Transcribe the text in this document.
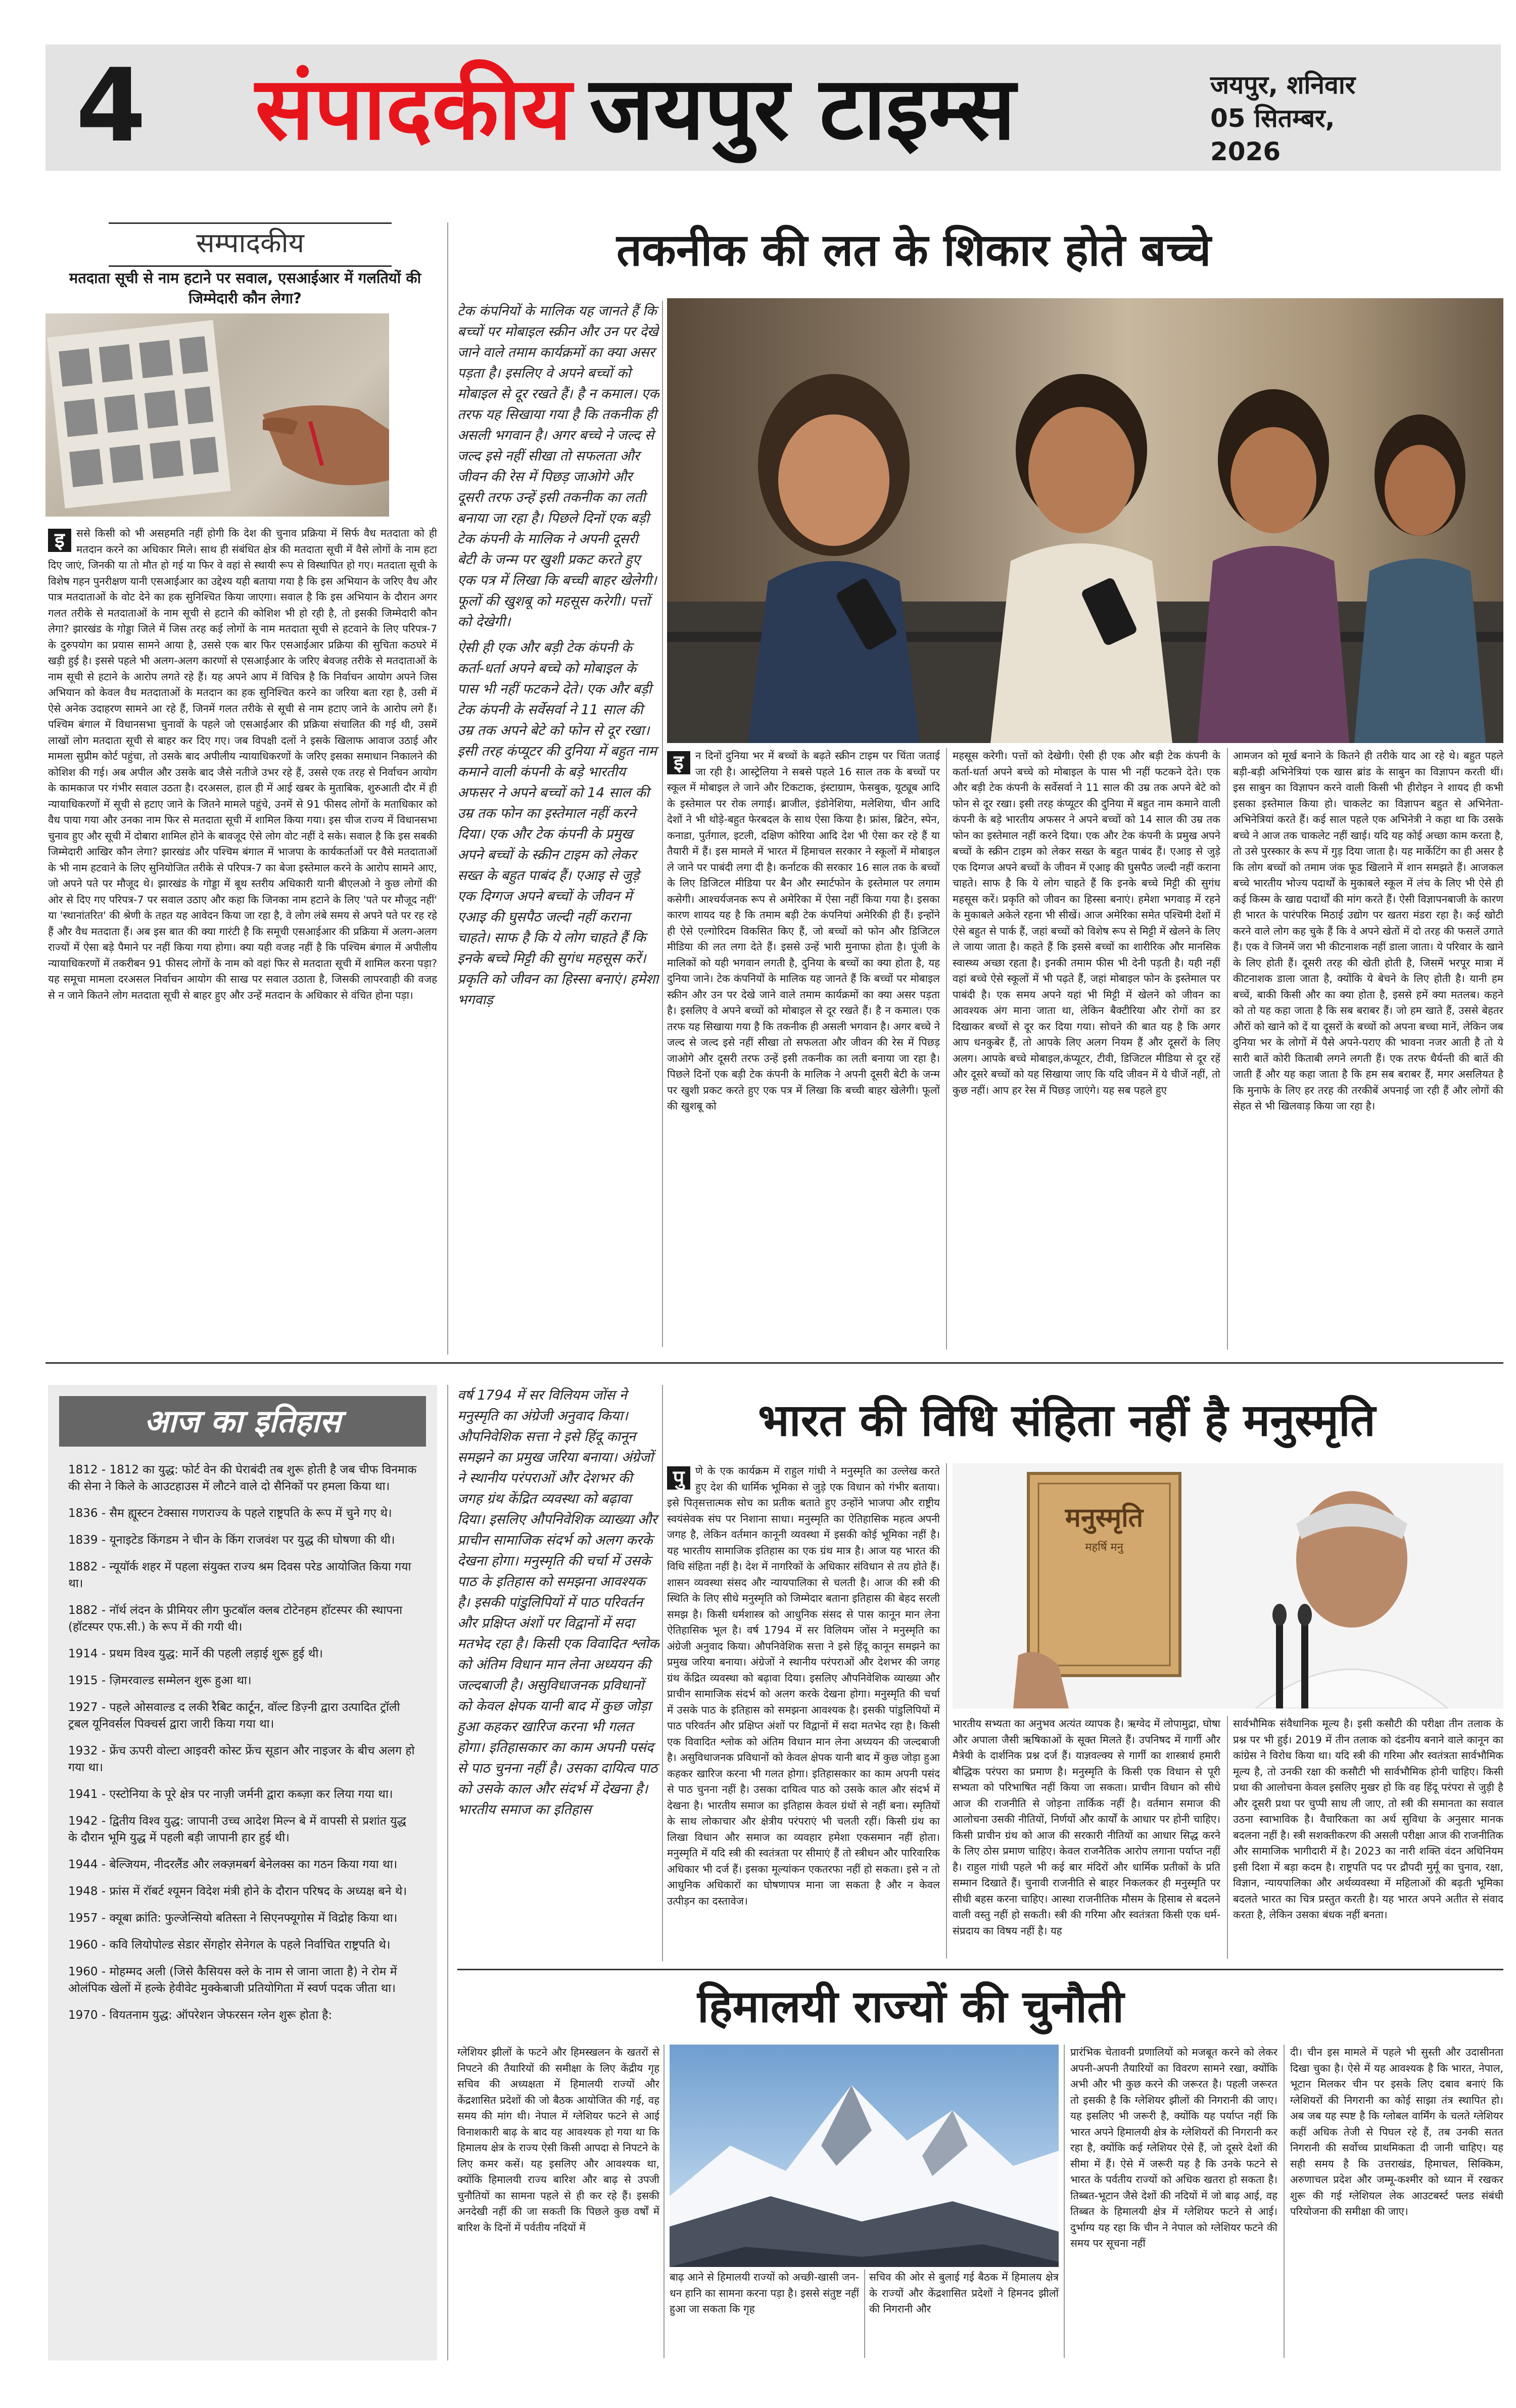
4 संपादकीय जयपुर टाइम्स	जयपुर, शनिवार
05 सितम्बर, 2026
सम्पादकीय
मतदाता सूची से नाम हटाने पर सवाल, एसआईआर में गलतियों की जिम्मेदारी कौन लेगा?
इ	ससे किसी को भी असहमति नहीं होगी कि देश की चुनाव प्रक्रिया में सिर्फ वैध मतदाता को ही मतदान करने का अधिकार मिले। साथ ही संबंधित क्षेत्र की मतदाता सूची में वैसे लोगों के नाम हटा दिए जाएं, जिनकी या तो मौत हो गई या फिर वे वहां से स्थायी रूप से विस्थापित हो गए। मतदाता सूची के विशेष गहन पुनरीक्षण यानी एसआईआर का उद्देश्य यही बताया गया है कि इस अभियान के जरिए वैध और पात्र मतदाताओं के वोट देने का हक सुनिश्चित किया जाएगा। सवाल है कि इस अभियान के दौरान अगर गलत तरीके से मतदाताओं के नाम सूची से हटाने की कोशिश भी हो रही है, तो इसकी जिम्मेदारी कौन लेगा? झारखंड के गोड्डा जिले में जिस तरह कई लोगों के नाम मतदाता सूची से हटवाने के लिए परिपत्र-7 के दुरुपयोग का प्रयास सामने आया है, उससे एक बार फिर एसआईआर प्रक्रिया की सुचिता कठघरे में खड़ी हुई है। इससे पहले भी अलग-अलग कारणों से एसआईआर के जरिए बेवजह तरीके से मतदाताओं के नाम सूची से हटाने के आरोप लगते रहे हैं। यह अपने आप में विचित्र है कि निर्वाचन आयोग अपने जिस अभियान को केवल वैध मतदाताओं के मतदान का हक सुनिश्चित करने का जरिया बता रहा है, उसी में ऐसे अनेक उदाहरण सामने आ रहे हैं, जिनमें गलत तरीके से सूची से नाम हटाए जाने के आरोप लगे हैं। पश्चिम बंगाल में विधानसभा चुनावों के पहले जो एसआईआर की प्रक्रिया संचालित की गई थी, उसमें लाखों लोग मतदाता सूची से बाहर कर दिए गए। जब विपक्षी दलों ने इसके खिलाफ आवाज उठाई और मामला सुप्रीम कोर्ट पहुंचा, तो उसके बाद अपीलीय न्यायाधिकरणों के जरिए इसका समाधान निकालने की कोशिश की गई। अब अपील और उसके बाद जैसे नतीजे उभर रहे हैं, उससे एक तरह से निर्वाचन आयोग के कामकाज पर गंभीर सवाल उठता है। दरअसल, हाल ही में आई खबर के मुताबिक, शुरुआती दौर में ही न्यायाधिकरणों में सूची से हटाए जाने के जितने मामले पहुंचे, उनमें से 91 फीसद लोगों के मताधिकार को वैध पाया गया और उनका नाम फिर से मतदाता सूची में शामिल किया गया। इस चीज राज्य में विधानसभा चुनाव हुए और सूची में दोबारा शामिल होने के बावजूद ऐसे लोग वोट नहीं दे सके। सवाल है कि इस सबकी जिम्मेदारी आखिर कौन लेगा? झारखंड और पश्चिम बंगाल में भाजपा के कार्यकर्ताओं पर वैसे मतदाताओं के भी नाम हटवाने के लिए सुनियोजित तरीके से परिपत्र-7 का बेजा इस्तेमाल करने के आरोप सामने आए, जो अपने पते पर मौजूद थे। झारखंड के गोड्डा में बूथ स्तरीय अधिकारी यानी बीएलओ ने कुछ लोगों की ओर से दिए गए परिपत्र-7 पर सवाल उठाए और कहा कि जिनका नाम हटाने के लिए 'पते पर मौजूद नहीं' या 'स्थानांतरित' की श्रेणी के तहत यह आवेदन किया जा रहा है, वे लोग लंबे समय से अपने पते पर रह रहे हैं और वैध मतदाता हैं। अब इस बात की क्या गारंटी है कि समूची एसआईआर की प्रक्रिया में अलग-अलग राज्यों में ऐसा बड़े पैमाने पर नहीं किया गया होगा। क्या यही वजह नहीं है कि पश्चिम बंगाल में अपीलीय न्यायाधिकरणों में तकरीबन 91 फीसद लोगों के नाम को वहां फिर से मतदाता सूची में शामिल करना पड़ा? यह समूचा मामला दरअसल निर्वाचन आयोग की साख पर सवाल उठाता है, जिसकी लापरवाही की वजह से न जाने कितने लोग मतदाता सूची से बाहर हुए और उन्हें मतदान के अधिकार से वंचित होना पड़ा।
तकनीक की लत के शिकार होते बच्चे
टेक कंपनियों के मालिक यह जानते हैं कि बच्चों पर मोबाइल स्क्रीन और उन पर देखे जाने वाले तमाम कार्यक्रमों का क्या असर पड़ता है। इसलिए वे अपने बच्चों को मोबाइल से दूर रखते हैं। है न कमाल। एक तरफ यह सिखाया गया है कि तकनीक ही असली भगवान है। अगर बच्चे ने जल्द से जल्द इसे नहीं सीखा तो सफलता और जीवन की रेस में पिछड़ जाओगे और दूसरी तरफ उन्हें इसी तकनीक का लती बनाया जा रहा है। पिछले दिनों एक बड़ी टेक कंपनी के मालिक ने अपनी दूसरी बेटी के जन्म पर खुशी प्रकट करते हुए एक पत्र में लिखा कि बच्ची बाहर खेलेगी। फूलों की खुशबू को महसूस करेगी। पत्तों को देखेगी।
ऐसी ही एक और बड़ी टेक कंपनी के कर्ता-धर्ता अपने बच्चे को मोबाइल के पास भी नहीं फटकने देते। एक और बड़ी टेक कंपनी के सर्वेसर्वा ने 11 साल की उम्र तक अपने बेटे को फोन से दूर रखा। इसी तरह कंप्यूटर की दुनिया में बहुत नाम कमाने वाली कंपनी के बड़े भारतीय अफसर ने अपने बच्चों को 14 साल की उम्र तक फोन का इस्तेमाल नहीं करने दिया। एक और टेक कंपनी के प्रमुख अपने बच्चों के स्क्रीन टाइम को लेकर सख्त के बहुत पाबंद हैं। एआइ से जुड़े एक दिग्गज अपने बच्चों के जीवन में एआइ की घुसपैठ जल्दी नहीं कराना चाहते। साफ है कि ये लोग चाहते हैं कि इनके बच्चे मिट्टी की सुगंध महसूस करें। प्रकृति को जीवन का हिस्सा बनाएं। हमेशा भगवाड़
इ	न दिनों दुनिया भर में बच्चों के बढ़ते स्क्रीन टाइम पर चिंता जताई जा रही है। आस्ट्रेलिया ने सबसे पहले 16 साल तक के बच्चों पर स्कूल में मोबाइल ले जाने और टिकटाक, इंस्टाग्राम, फेसबुक, यूट्यूब आदि के इस्तेमाल पर रोक लगाई। ब्राजील, इंडोनेशिया, मलेशिया, चीन आदि देशों ने भी थोड़े-बहुत फेरबदल के साथ ऐसा किया है। फ्रांस, ब्रिटेन, स्पेन, कनाडा, पुर्तगाल, इटली, दक्षिण कोरिया आदि देश भी ऐसा कर रहे हैं या तैयारी में हैं। इस मामले में भारत में हिमाचल सरकार ने स्कूलों में मोबाइल ले जाने पर पाबंदी लगा दी है। कर्नाटक की सरकार 16 साल तक के बच्चों के लिए डिजिटल मीडिया पर बैन और स्मार्टफोन के इस्तेमाल पर लगाम कसेगी। आश्चर्यजनक रूप से अमेरिका में ऐसा नहीं किया गया है। इसका कारण शायद यह है कि तमाम बड़ी टेक कंपनियां अमेरिकी ही हैं। इन्होंने ही ऐसे एल्गोरिदम विकसित किए हैं, जो बच्चों को फोन और डिजिटल मीडिया की लत लगा देते हैं। इससे उन्हें भारी मुनाफा होता है। पूंजी के मालिकों को यही भगवान लगती है, दुनिया के बच्चों का क्या होता है, यह दुनिया जाने। टेक कंपनियों के मालिक यह जानते हैं कि बच्चों पर मोबाइल स्क्रीन और उन पर देखे जाने वाले तमाम कार्यक्रमों का क्या असर पड़ता है। इसलिए वे अपने बच्चों को मोबाइल से दूर रखते हैं। है न कमाल। एक तरफ यह सिखाया गया है कि तकनीक ही असली भगवान है। अगर बच्चे ने जल्द से जल्द इसे नहीं सीखा तो सफलता और जीवन की रेस में पिछड़ जाओगे और दूसरी तरफ उन्हें इसी तकनीक का लती बनाया जा रहा है। पिछले दिनों एक बड़ी टेक कंपनी के मालिक ने अपनी दूसरी बेटी के जन्म पर खुशी प्रकट करते हुए एक पत्र में लिखा कि बच्ची बाहर खेलेगी। फूलों की खुशबू को
महसूस करेगी। पत्तों को देखेगी। ऐसी ही एक और बड़ी टेक कंपनी के कर्ता-धर्ता अपने बच्चे को मोबाइल के पास भी नहीं फटकने देते। एक और बड़ी टेक कंपनी के सर्वेसर्वा ने 11 साल की उम्र तक अपने बेटे को फोन से दूर रखा। इसी तरह कंप्यूटर की दुनिया में बहुत नाम कमाने वाली कंपनी के बड़े भारतीय अफसर ने अपने बच्चों को 14 साल की उम्र तक फोन का इस्तेमाल नहीं करने दिया। एक और टेक कंपनी के प्रमुख अपने बच्चों के स्क्रीन टाइम को लेकर सख्त के बहुत पाबंद हैं। एआइ से जुड़े एक दिग्गज अपने बच्चों के जीवन में एआइ की घुसपैठ जल्दी नहीं कराना चाहते। साफ है कि ये लोग चाहते हैं कि इनके बच्चे मिट्टी की सुगंध महसूस करें। प्रकृति को जीवन का हिस्सा बनाएं। हमेशा भगवाड़ में रहने के मुकाबले अकेले रहना भी सीखें। आज अमेरिका समेत पश्चिमी देशों में ऐसे बहुत से पार्क हैं, जहां बच्चों को विशेष रूप से मिट्टी में खेलने के लिए ले जाया जाता है। कहते हैं कि इससे बच्चों का शारीरिक और मानसिक स्वास्थ्य अच्छा रहता है। इनकी तमाम फीस भी देनी पड़ती है। यही नहीं वहां बच्चे ऐसे स्कूलों में भी पढ़ते हैं, जहां मोबाइल फोन के इस्तेमाल पर पाबंदी है। एक समय अपने यहां भी मिट्टी में खेलने को जीवन का आवश्यक अंग माना जाता था, लेकिन बैक्टीरिया और रोगों का डर दिखाकर बच्चों से दूर कर दिया गया। सोचने की बात यह है कि अगर आप धनकुबेर हैं, तो आपके लिए अलग नियम हैं और दूसरों के लिए अलग। आपके बच्चे मोबाइल,कंप्यूटर, टीवी, डिजिटल मीडिया से दूर रहें और दूसरे बच्चों को यह सिखाया जाए कि यदि जीवन में ये चीजें नहीं, तो कुछ नहीं। आप हर रेस में पिछड़ जाएंगे। यह सब पहले हुए
आमजन को मूर्ख बनाने के कितने ही तरीके याद आ रहे थे। बहुत पहले बड़ी-बड़ी अभिनेत्रियां एक खास ब्रांड के साबुन का विज्ञापन करती थीं। इस साबुन का विज्ञापन करने वाली किसी भी हीरोइन ने शायद ही कभी इसका इस्तेमाल किया हो। चाकलेट का विज्ञापन बहुत से अभिनेता-अभिनेत्रियां करते हैं। कई साल पहले एक अभिनेत्री ने कहा था कि उसके बच्चे ने आज तक चाकलेट नहीं खाई। यदि यह कोई अच्छा काम करता है, तो उसे पुरस्कार के रूप में गुड़ दिया जाता है। यह मार्केटिंग का ही असर है कि लोग बच्चों को तमाम जंक फूड खिलाने में शान समझते हैं। आजकल बच्चे भारतीय भोज्य पदार्थों के मुकाबले स्कूल में लंच के लिए भी ऐसे ही कई किस्म के खाद्य पदार्थों की मांग करते हैं। ऐसी विज्ञापनबाजी के कारण ही भारत के पारंपरिक मिठाई उद्योग पर खतरा मंडरा रहा है। कई खोटी करने वाले लोग कह चुके हैं कि वे अपने खेतों में दो तरह की फसलें उगाते हैं। एक वे जिनमें जरा भी कीटनाशक नहीं डाला जाता। ये परिवार के खाने के लिए होती हैं। दूसरी तरह की खेती होती है, जिसमें भरपूर मात्रा में कीटनाशक डाला जाता है, क्योंकि ये बेचने के लिए होती है। यानी हम बच्चें, बाकी किसी और का क्या होता है, इससे हमें क्या मतलब। कहने को तो यह कहा जाता है कि सब बराबर हैं। जो हम खाते हैं, उससे बेहतर औरों को खाने को दें या दूसरों के बच्चों को अपना बच्चा मानें, लेकिन जब दुनिया भर के लोगों में पैसे अपने-पराए की भावना नजर आती है तो ये सारी बातें कोरी किताबी लगने लगती हैं। एक तरफ धैर्यन्ती की बातें की जाती हैं और यह कहा जाता है कि हम सब बराबर हैं, मगर असलियत है कि मुनाफे के लिए हर तरह की तरकीबें अपनाई जा रही हैं और लोगों की सेहत से भी खिलवाड़ किया जा रहा है।
आज का इतिहास
1812 - 1812 का युद्ध: फोर्ट वेन की घेराबंदी तब शुरू होती है जब चीफ विनमाक की सेना ने किले के आउटहाउस में लौटने वाले दो सैनिकों पर हमला किया था।
1836 - सैम ह्यूस्टन टेक्सास गणराज्य के पहले राष्ट्रपति के रूप में चुने गए थे।
1839 - यूनाइटेड किंगडम ने चीन के किंग राजवंश पर युद्ध की घोषणा की थी।
1882 - न्यूयॉर्क शहर में पहला संयुक्त राज्य श्रम दिवस परेड आयोजित किया गया था।
1882 - नॉर्थ लंदन के प्रीमियर लीग फुटबॉल क्लब टोटेनहम हॉटस्पर की स्थापना (हॉटस्पर एफ.सी.) के रूप में की गयी थी।
1914 - प्रथम विश्व युद्ध: मार्ने की पहली लड़ाई शुरू हुई थी।
1915 - ज़िमरवाल्ड सम्मेलन शुरू हुआ था।
1927 - पहले ओसवाल्ड द लकी रैबिट कार्टून, वॉल्ट डिज़्नी द्वारा उत्पादित ट्रॉली ट्रबल यूनिवर्सल पिक्चर्स द्वारा जारी किया गया था।
1932 - फ्रेंच ऊपरी वोल्टा आइवरी कोस्ट फ्रेंच सूडान और नाइजर के बीच अलग हो गया था।
1941 - एस्टोनिया के पूरे क्षेत्र पर नाज़ी जर्मनी द्वारा कब्ज़ा कर लिया गया था।
1942 - द्वितीय विश्व युद्ध: जापानी उच्च आदेश मिल्न बे में वापसी से प्रशांत युद्ध के दौरान भूमि युद्ध में पहली बड़ी जापानी हार हुई थी।
1944 - बेल्जियम, नीदरलैंड और लक्ज़मबर्ग बेनेलक्स का गठन किया गया था।
1948 - फ्रांस में रॉबर्ट श्यूमन विदेश मंत्री होने के दौरान परिषद के अध्यक्ष बने थे।
1957 - क्यूबा क्रांति: फुल्जेन्सियो बतिस्ता ने सिएनफ्यूगोस में विद्रोह किया था।
1960 - कवि लियोपोल्ड सेडार सेंगहोर सेनेगल के पहले निर्वाचित राष्ट्रपति थे।
1960 - मोहम्मद अली (जिसे कैसियस क्ले के नाम से जाना जाता है) ने रोम में ओलंपिक खेलों में हल्के हेवीवेट मुक्केबाजी प्रतियोगिता में स्वर्ण पदक जीता था।
1970 - वियतनाम युद्ध: ऑपरेशन जेफरसन ग्लेन शुरू होता है:
वर्ष 1794 में सर विलियम जोंस ने मनुस्मृति का अंग्रेजी अनुवाद किया। औपनिवेशिक सत्ता ने इसे हिंदू कानून समझने का प्रमुख जरिया बनाया। अंग्रेजों ने स्थानीय परंपराओं और देशभर की जगह ग्रंथ केंद्रित व्यवस्था को बढ़ावा दिया। इसलिए औपनिवेशिक व्याख्या और प्राचीन सामाजिक संदर्भ को अलग करके देखना होगा। मनुस्मृति की चर्चा में उसके पाठ के इतिहास को समझना आवश्यक है। इसकी पांडुलिपियों में पाठ परिवर्तन और प्रक्षिप्त अंशों पर विद्वानों में सदा मतभेद रहा है। किसी एक विवादित श्लोक को अंतिम विधान मान लेना अध्ययन की जल्दबाजी है। असुविधाजनक प्रविधानों को केवल क्षेपक यानी बाद में कुछ जोड़ा हुआ कहकर खारिज करना भी गलत होगा। इतिहासकार का काम अपनी पसंद से पाठ चुनना नहीं है। उसका दायित्व पाठ को उसके काल और संदर्भ में देखना है। भारतीय समाज का इतिहास
भारत की विधि संहिता नहीं है मनुस्मृति
पु	णे के एक कार्यक्रम में राहुल गांधी ने मनुस्मृति का उल्लेख करते हुए देश की धार्मिक भूमिका से जुड़े एक विधान को गंभीर बताया। इसे पितृसत्तात्मक सोच का प्रतीक बताते हुए उन्होंने भाजपा और राष्ट्रीय स्वयंसेवक संघ पर निशाना साधा। मनुस्मृति का ऐतिहासिक महत्व अपनी जगह है, लेकिन वर्तमान कानूनी व्यवस्था में इसकी कोई भूमिका नहीं है। यह भारतीय सामाजिक इतिहास का एक ग्रंथ मात्र है। आज यह भारत की विधि संहिता नहीं है। देश में नागरिकों के अधिकार संविधान से तय होते हैं। शासन व्यवस्था संसद और न्यायपालिका से चलती है। आज की स्त्री की स्थिति के लिए सीधे मनुस्मृति को जिम्मेदार बताना इतिहास की बेहद सरली समझ है। किसी धर्मशास्त्र को आधुनिक संसद से पास कानून मान लेना ऐतिहासिक भूल है। वर्ष 1794 में सर विलियम जोंस ने मनुस्मृति का अंग्रेजी अनुवाद किया। औपनिवेशिक सत्ता ने इसे हिंदू कानून समझने का प्रमुख जरिया बनाया। अंग्रेजों ने स्थानीय परंपराओं और देशभर की जगह ग्रंथ केंद्रित व्यवस्था को बढ़ावा दिया। इसलिए औपनिवेशिक व्याख्या और प्राचीन सामाजिक संदर्भ को अलग करके देखना होगा। मनुस्मृति की चर्चा में उसके पाठ के इतिहास को समझना आवश्यक है। इसकी पांडुलिपियों में पाठ परिवर्तन और प्रक्षिप्त अंशों पर विद्वानों में सदा मतभेद रहा है। किसी एक विवादित श्लोक को अंतिम विधान मान लेना अध्ययन की जल्दबाजी है। असुविधाजनक प्रविधानों को केवल क्षेपक यानी बाद में कुछ जोड़ा हुआ कहकर खारिज करना भी गलत होगा। इतिहासकार का काम अपनी पसंद से पाठ चुनना नहीं है। उसका दायित्व पाठ को उसके काल और संदर्भ में देखना है। भारतीय समाज का इतिहास केवल ग्रंथों से नहीं बना। स्मृतियों के साथ लोकाचार और क्षेत्रीय परंपराएं भी चलती रहीं। किसी ग्रंथ का लिखा विधान और समाज का व्यवहार हमेशा एकसमान नहीं होता। मनुस्मृति में यदि स्त्री की स्वतंत्रता पर सीमाएं हैं तो स्त्रीधन और पारिवारिक अधिकार भी दर्ज हैं। इसका मूल्यांकन एकतरफा नहीं हो सकता। इसे न तो आधुनिक अधिकारों का घोषणापत्र माना जा सकता है और न केवल उत्पीड़न का दस्तावेज।
मनुस्मृति
महर्षि मनु
भारतीय सभ्यता का अनुभव अत्यंत व्यापक है। ऋग्वेद में लोपामुद्रा, घोषा और अपाला जैसी ऋषिकाओं के सूक्त मिलते हैं। उपनिषद में गार्गी और मैत्रेयी के दार्शनिक प्रश्न दर्ज हैं। याज्ञवल्क्य से गार्गी का शास्त्रार्थ हमारी बौद्धिक परंपरा का प्रमाण है। मनुस्मृति के किसी एक विधान से पूरी सभ्यता को परिभाषित नहीं किया जा सकता। प्राचीन विधान को सीधे आज की राजनीति से जोड़ना तार्किक नहीं है। वर्तमान समाज की आलोचना उसकी नीतियों, निर्णयों और कार्यों के आधार पर होनी चाहिए। किसी प्राचीन ग्रंथ को आज की सरकारी नीतियों का आधार सिद्ध करने के लिए ठोस प्रमाण चाहिए। केवल राजनैतिक आरोप लगाना पर्याप्त नहीं है। राहुल गांधी पहले भी कई बार मंदिरों और धार्मिक प्रतीकों के प्रति सम्मान दिखाते हैं। चुनावी राजनीति से बाहर निकलकर ही मनुस्मृति पर सीधी बहस करना चाहिए। आस्था राजनीतिक मौसम के हिसाब से बदलने वाली वस्तु नहीं हो सकती। स्त्री की गरिमा और स्वतंत्रता किसी एक धर्म-संप्रदाय का विषय नहीं है। यह
सार्वभौमिक संवैधानिक मूल्य है। इसी कसौटी की परीक्षा तीन तलाक के प्रश्न पर भी हुई। 2019 में तीन तलाक को दंडनीय बनाने वाले कानून का कांग्रेस ने विरोध किया था। यदि स्त्री की गरिमा और स्वतंत्रता सार्वभौमिक मूल्य है, तो उनकी रक्षा की कसौटी भी सार्वभौमिक होनी चाहिए। किसी प्रथा की आलोचना केवल इसलिए मुखर हो कि वह हिंदू परंपरा से जुड़ी है और दूसरी प्रथा पर चुप्पी साध ली जाए, तो स्त्री की समानता का सवाल उठना स्वाभाविक है। वैचारिकता का अर्थ सुविधा के अनुसार मानक बदलना नहीं है। स्त्री सशक्तीकरण की असली परीक्षा आज की राजनीतिक और सामाजिक भागीदारी में है। 2023 का नारी शक्ति वंदन अधिनियम इसी दिशा में बड़ा कदम है। राष्ट्रपति पद पर द्रौपदी मुर्मू का चुनाव, रक्षा, विज्ञान, न्यायपालिका और अर्थव्यवस्था में महिलाओं की बढ़ती भूमिका बदलते भारत का चित्र प्रस्तुत करती है। यह भारत अपने अतीत से संवाद करता है, लेकिन उसका बंधक नहीं बनता।
हिमालयी राज्यों की चुनौती
ग्लेशियर झीलों के फटने और हिमस्खलन के खतरों से निपटने की तैयारियों की समीक्षा के लिए केंद्रीय गृह सचिव की अध्यक्षता में हिमालयी राज्यों और केंद्रशासित प्रदेशों की जो बैठक आयोजित की गई, वह समय की मांग थी। नेपाल में ग्लेशियर फटने से आई विनाशकारी बाढ़ के बाद यह आवश्यक हो गया था कि हिमालय क्षेत्र के राज्य ऐसी किसी आपदा से निपटने के लिए कमर कसें। यह इसलिए और आवश्यक था, क्योंकि हिमालयी राज्य बारिश और बाढ़ से उपजी चुनौतियों का सामना पहले से ही कर रहे हैं। इसकी अनदेखी नहीं की जा सकती कि पिछले कुछ वर्षों में बारिश के दिनों में पर्वतीय नदियों में
बाढ़ आने से हिमालयी राज्यों को अच्छी-खासी जन-धन हानि का सामना करना पड़ा है। इससे संतुष्ट नहीं हुआ जा सकता कि गृह
सचिव की ओर से बुलाई गई बैठक में हिमालय क्षेत्र के राज्यों और केंद्रशासित प्रदेशों ने हिमनद झीलों की निगरानी और
प्रारंभिक चेतावनी प्रणालियों को मजबूत करने को लेकर अपनी-अपनी तैयारियों का विवरण सामने रखा, क्योंकि अभी और भी कुछ करने की जरूरत है। पहली जरूरत तो इसकी है कि ग्लेशियर झीलों की निगरानी की जाए। यह इसलिए भी जरूरी है, क्योंकि यह पर्याप्त नहीं कि भारत अपने हिमालयी क्षेत्र के ग्लेशियरों की निगरानी कर रहा है, क्योंकि कई ग्लेशियर ऐसे हैं, जो दूसरे देशों की सीमा में हैं। ऐसे में जरूरी यह है कि उनके फटने से भारत के पर्वतीय राज्यों को अधिक खतरा हो सकता है। तिब्बत-भूटान जैसे देशों की नदियों में जो बाढ़ आई, वह तिब्बत के हिमालयी क्षेत्र में ग्लेशियर फटने से आई। दुर्भाग्य यह रहा कि चीन ने नेपाल को ग्लेशियर फटने की समय पर सूचना नहीं
दी। चीन इस मामले में पहले भी सुस्ती और उदासीनता दिखा चुका है। ऐसे में यह आवश्यक है कि भारत, नेपाल, भूटान मिलकर चीन पर इसके लिए दबाव बनाएं कि ग्लेशियरों की निगरानी का कोई साझा तंत्र स्थापित हो। अब जब यह स्पष्ट है कि ग्लोबल वार्मिंग के चलते ग्लेशियर कहीं अधिक तेजी से पिघल रहे हैं, तब उनकी सतत निगरानी की सर्वोच्च प्राथमिकता दी जानी चाहिए। यह सही समय है कि उत्तराखंड, हिमाचल, सिक्किम, अरुणाचल प्रदेश और जम्मू-कश्मीर को ध्यान में रखकर शुरू की गई ग्लेशियल लेक आउटबर्स्ट फ्लड संबंधी परियोजना की समीक्षा की जाए।
